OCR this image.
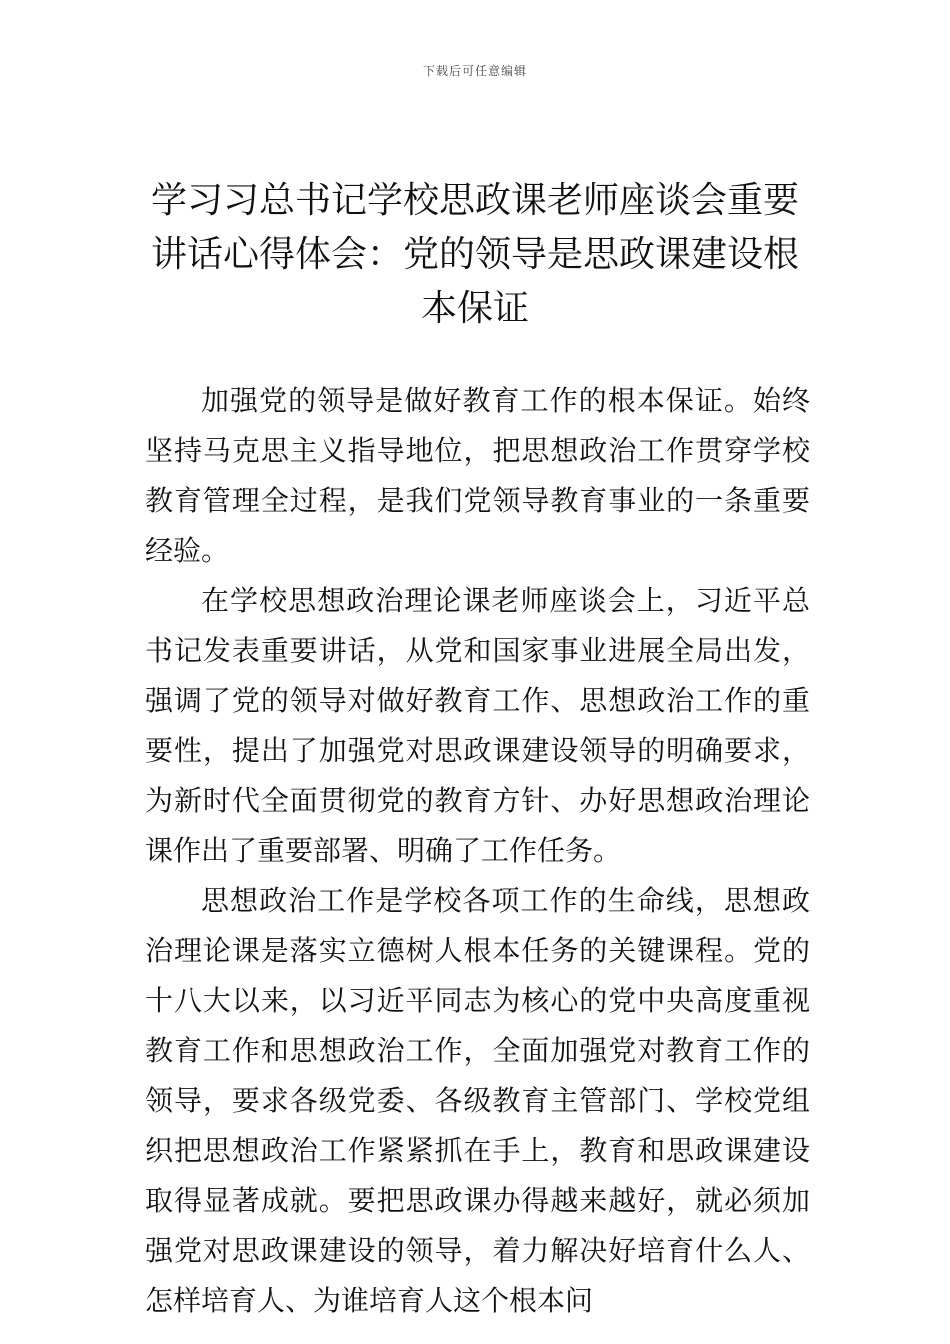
下载后可任意编辑
学习习总书记学校思政课老师座谈会重要讲话心得体会：党的领导是思政课建设根本保证

加强党的领导是做好教育工作的根本保证。始终坚持马克思主义指导地位，把思想政治工作贯穿学校教育管理全过程，是我们党领导教育事业的一条重要经验。

在学校思想政治理论课老师座谈会上，习近平总书记发表重要讲话，从党和国家事业进展全局出发，强调了党的领导对做好教育工作、思想政治工作的重要性，提出了加强党对思政课建设领导的明确要求，为新时代全面贯彻党的教育方针、办好思想政治理论课作出了重要部署、明确了工作任务。

思想政治工作是学校各项工作的生命线，思想政治理论课是落实立德树人根本任务的关键课程。党的十八大以来，以习近平同志为核心的党中央高度重视教育工作和思想政治工作，全面加强党对教育工作的领导，要求各级党委、各级教育主管部门、学校党组织把思想政治工作紧紧抓在手上，教育和思政课建设取得显著成就。要把思政课办得越来越好，就必须加强党对思政课建设的领导，着力解决好培育什么人、怎样培育人、为谁培育人这个根本问
